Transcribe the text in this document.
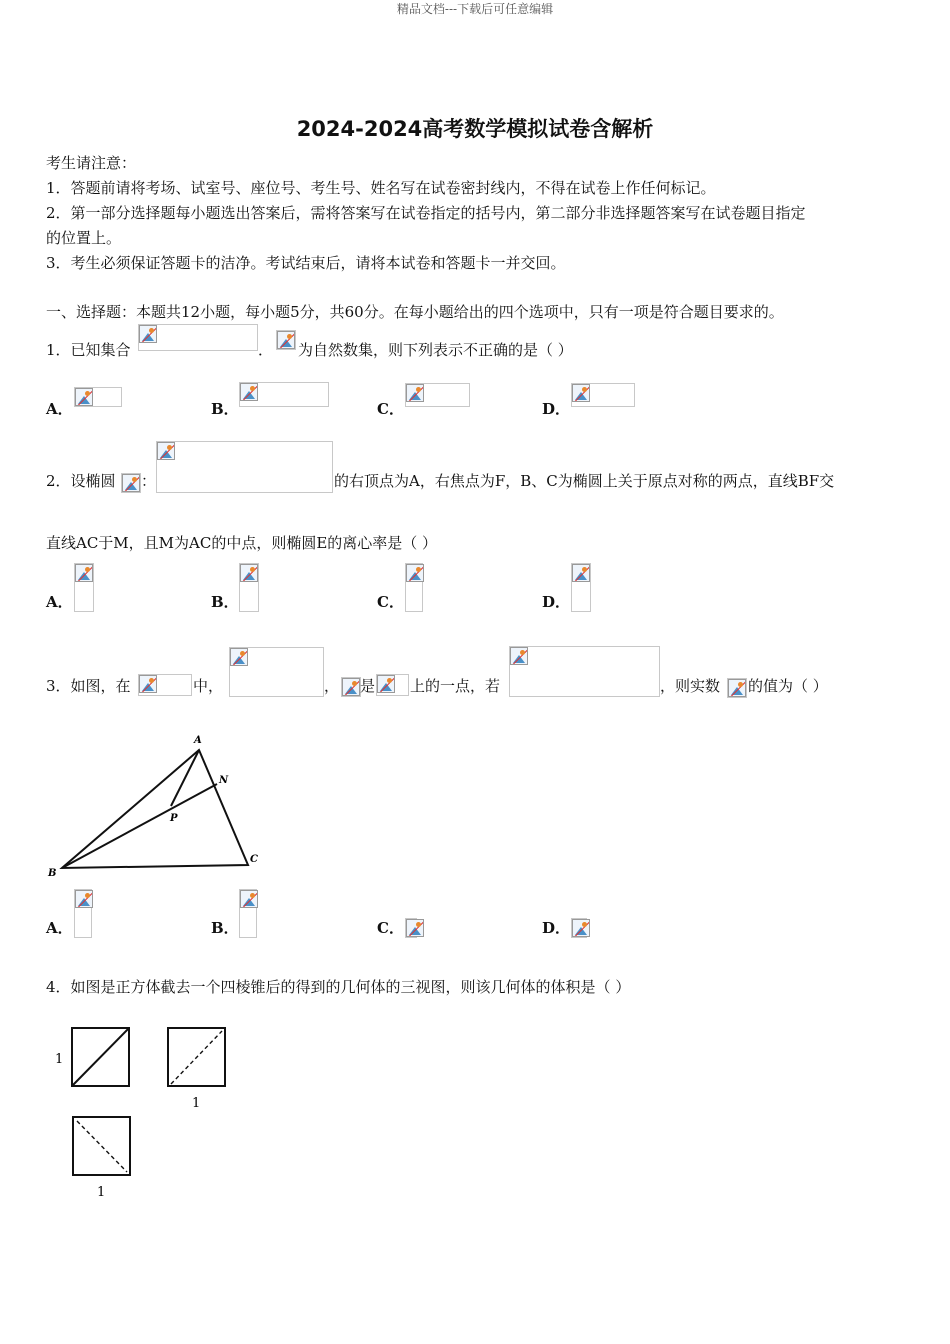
精品文档---下载后可任意编辑
2024-2024高考数学模拟试卷含解析
考生请注意：
1．答题前请将考场、试室号、座位号、考生号、姓名写在试卷密封线内，不得在试卷上作任何标记。
2．第一部分选择题每小题选出答案后，需将答案写在试卷指定的括号内，第二部分非选择题答案写在试卷题目指定
的位置上。
3．考生必须保证答题卡的洁净。考试结束后，请将本试卷和答题卡一并交回。
一、选择题：本题共12小题，每小题5分，共60分。在每小题给出的四个选项中，只有一项是符合题目要求的。
1．已知集合	． 为自然数集，则下列表示不正确的是（ ）
A．	B．	C．	D．
2．设椭圆 ：	的右顶点为A，右焦点为F，B、C为椭圆上关于原点对称的两点，直线BF交
直线AC于M，且M为AC的中点，则椭圆E的离心率是（ ）
A．	B．	C．	D．
3．如图，在	中，	， 是 上的一点，若	，则实数 的值为（ ）
A
N
P
B
C
A．	B．	C．	D．
4．如图是正方体截去一个四棱锥后的得到的几何体的三视图，则该几何体的体积是（ ）
1
1
1
